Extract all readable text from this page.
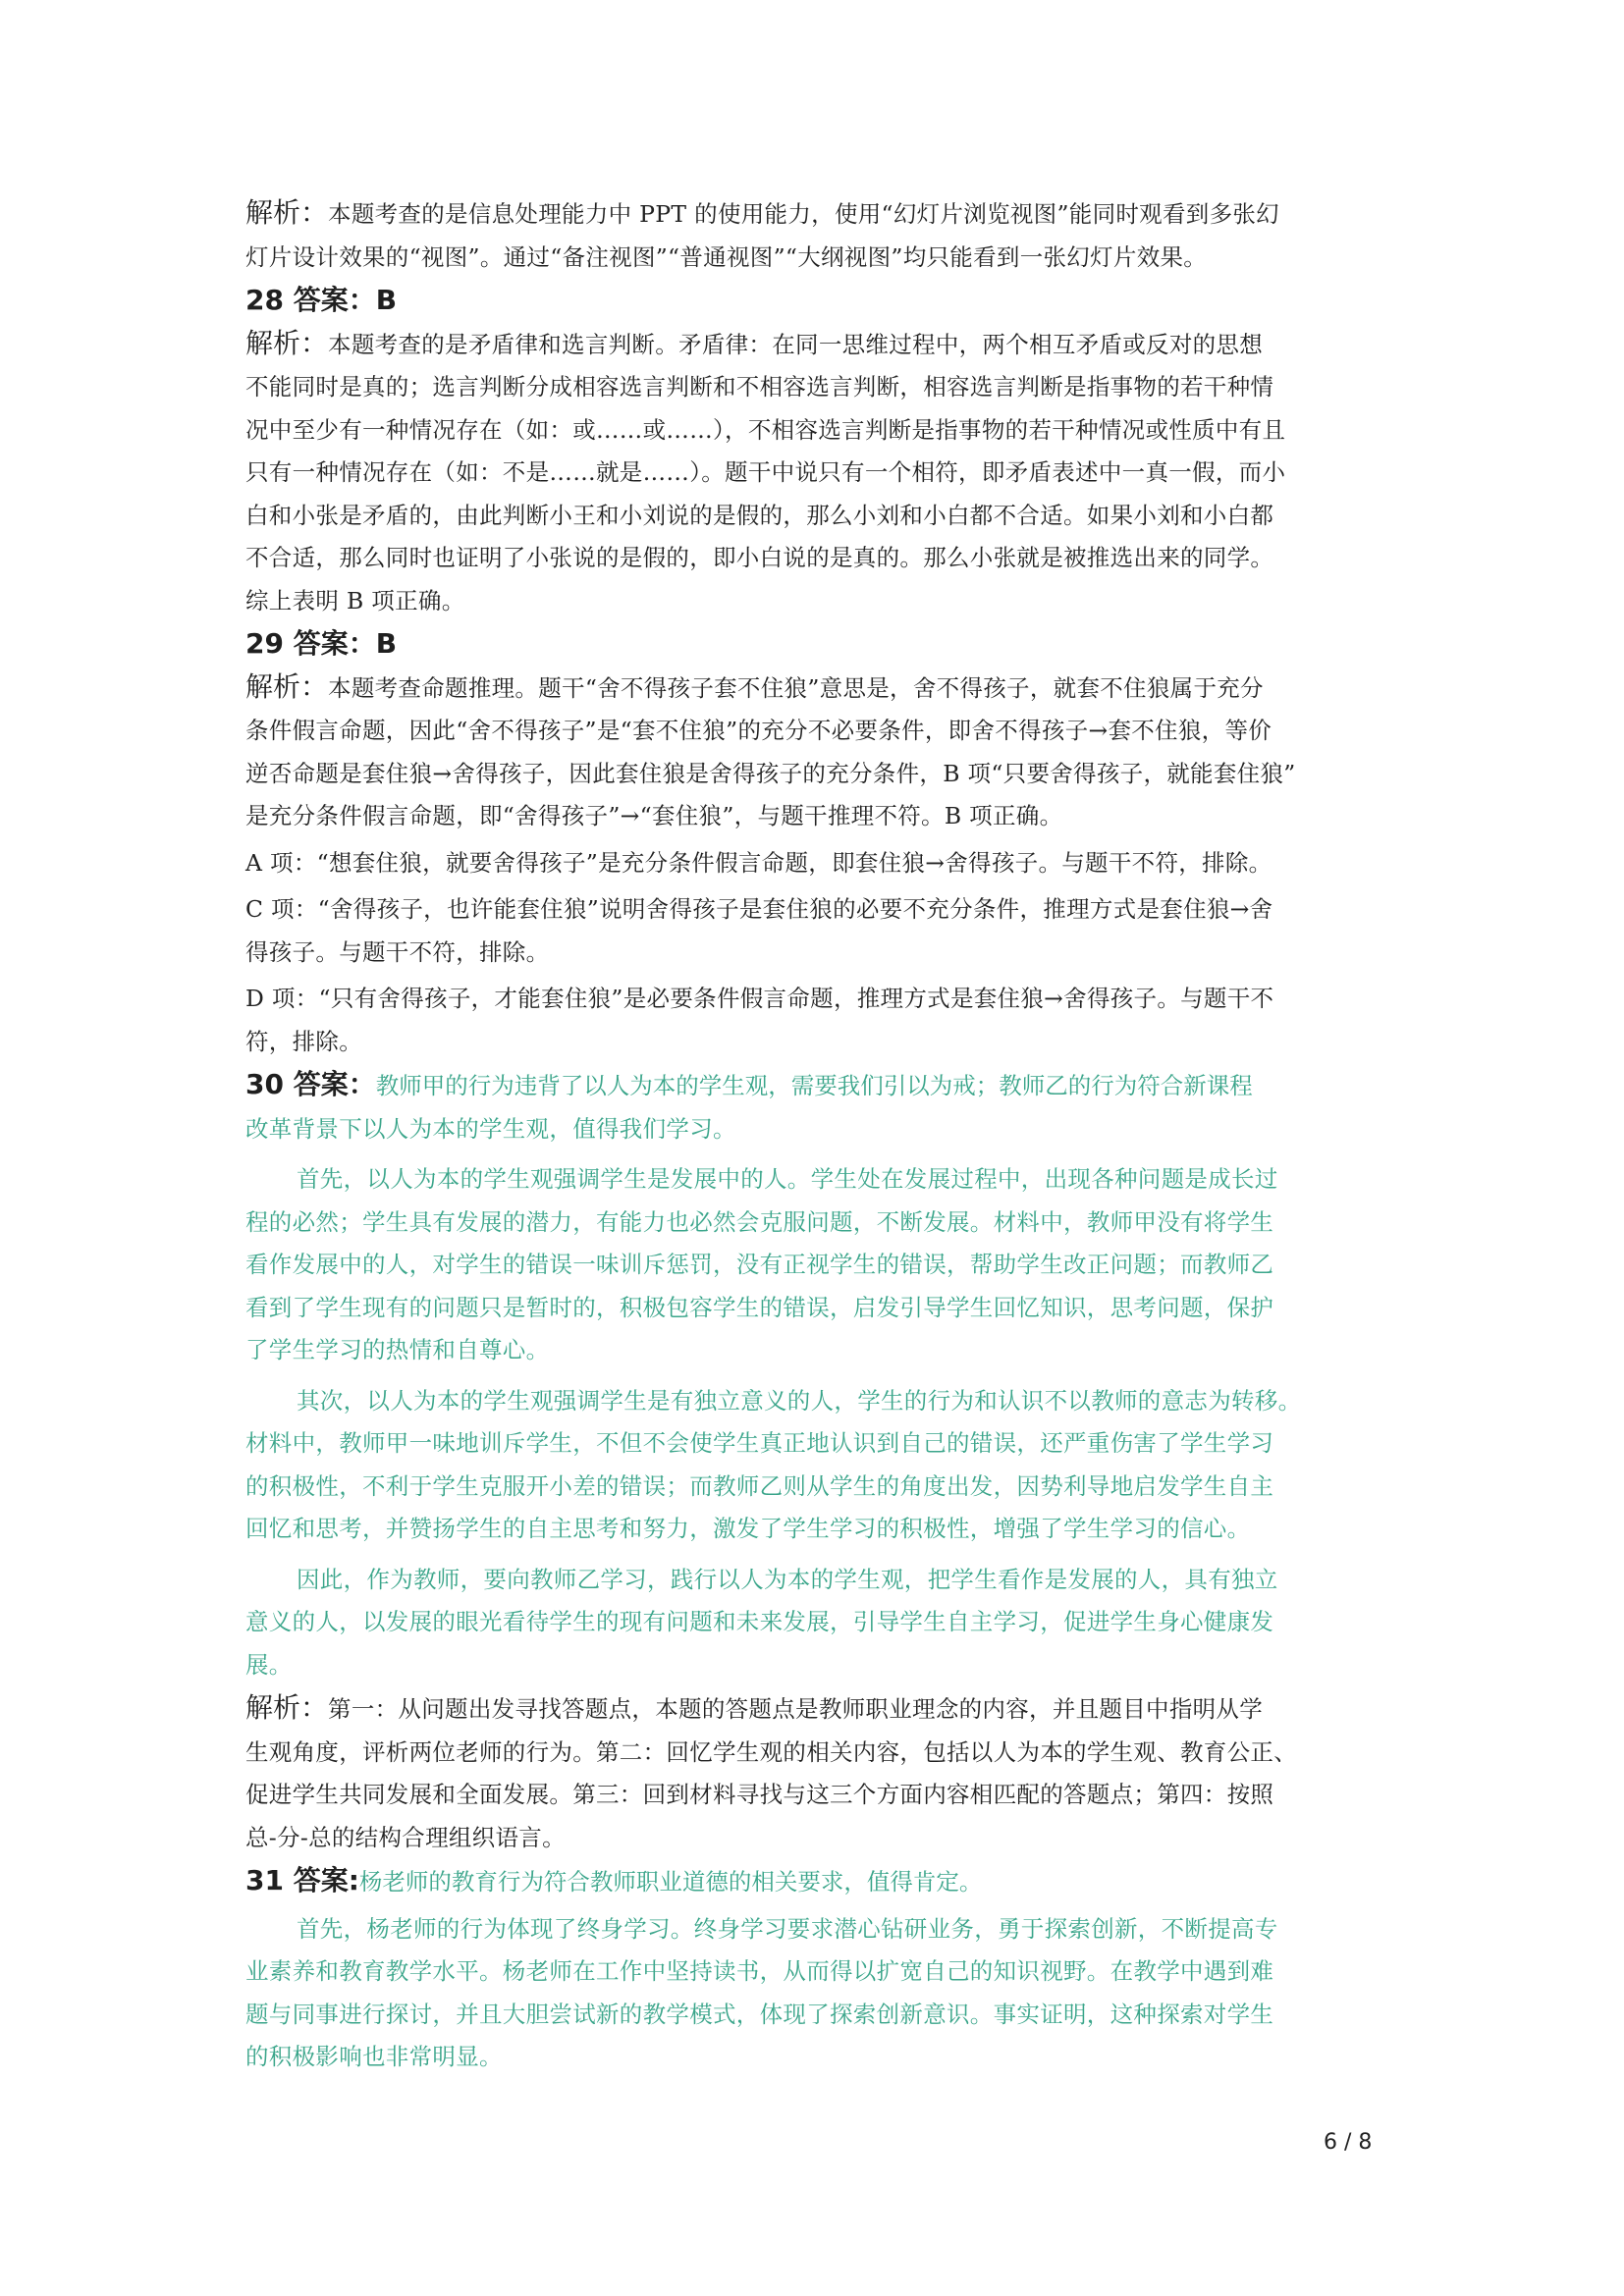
解析：本题考查的是信息处理能力中 PPT 的使用能力，使用“幻灯片浏览视图”能同时观看到多张幻

灯片设计效果的“视图”。通过“备注视图”“普通视图”“大纲视图”均只能看到一张幻灯片效果。

28 答案：B

解析：本题考查的是矛盾律和选言判断。矛盾律：在同一思维过程中，两个相互矛盾或反对的思想

不能同时是真的；选言判断分成相容选言判断和不相容选言判断，相容选言判断是指事物的若干种情

况中至少有一种情况存在（如：或……或……），不相容选言判断是指事物的若干种情况或性质中有且

只有一种情况存在（如：不是……就是……）。题干中说只有一个相符，即矛盾表述中一真一假，而小

白和小张是矛盾的，由此判断小王和小刘说的是假的，那么小刘和小白都不合适。如果小刘和小白都

不合适，那么同时也证明了小张说的是假的，即小白说的是真的。那么小张就是被推选出来的同学。

综上表明 B 项正确。

29 答案：B

解析：本题考查命题推理。题干“舍不得孩子套不住狼”意思是，舍不得孩子，就套不住狼属于充分

条件假言命题，因此“舍不得孩子”是“套不住狼”的充分不必要条件，即舍不得孩子→套不住狼，等价

逆否命题是套住狼→舍得孩子，因此套住狼是舍得孩子的充分条件，B 项“只要舍得孩子，就能套住狼”

是充分条件假言命题，即“舍得孩子”→“套住狼”，与题干推理不符。B 项正确。

A 项：“想套住狼，就要舍得孩子”是充分条件假言命题，即套住狼→舍得孩子。与题干不符，排除。

C 项：“舍得孩子，也许能套住狼”说明舍得孩子是套住狼的必要不充分条件，推理方式是套住狼→舍

得孩子。与题干不符，排除。

D 项：“只有舍得孩子，才能套住狼”是必要条件假言命题，推理方式是套住狼→舍得孩子。与题干不

符，排除。

30 答案：教师甲的行为违背了以人为本的学生观，需要我们引以为戒；教师乙的行为符合新课程

改革背景下以人为本的学生观，值得我们学习。

首先，以人为本的学生观强调学生是发展中的人。学生处在发展过程中，出现各种问题是成长过

程的必然；学生具有发展的潜力，有能力也必然会克服问题，不断发展。材料中，教师甲没有将学生

看作发展中的人，对学生的错误一味训斥惩罚，没有正视学生的错误，帮助学生改正问题；而教师乙

看到了学生现有的问题只是暂时的，积极包容学生的错误，启发引导学生回忆知识，思考问题，保护

了学生学习的热情和自尊心。

其次，以人为本的学生观强调学生是有独立意义的人，学生的行为和认识不以教师的意志为转移。

材料中，教师甲一味地训斥学生，不但不会使学生真正地认识到自己的错误，还严重伤害了学生学习

的积极性，不利于学生克服开小差的错误；而教师乙则从学生的角度出发，因势利导地启发学生自主

回忆和思考，并赞扬学生的自主思考和努力，激发了学生学习的积极性，增强了学生学习的信心。

因此，作为教师，要向教师乙学习，践行以人为本的学生观，把学生看作是发展的人，具有独立

意义的人，以发展的眼光看待学生的现有问题和未来发展，引导学生自主学习，促进学生身心健康发

展。

解析：第一：从问题出发寻找答题点，本题的答题点是教师职业理念的内容，并且题目中指明从学

生观角度，评析两位老师的行为。第二：回忆学生观的相关内容，包括以人为本的学生观、教育公正、

促进学生共同发展和全面发展。第三：回到材料寻找与这三个方面内容相匹配的答题点；第四：按照

总-分-总的结构合理组织语言。

31 答案:杨老师的教育行为符合教师职业道德的相关要求，值得肯定。

首先，杨老师的行为体现了终身学习。终身学习要求潜心钻研业务，勇于探索创新，不断提高专

业素养和教育教学水平。杨老师在工作中坚持读书，从而得以扩宽自己的知识视野。在教学中遇到难

题与同事进行探讨，并且大胆尝试新的教学模式，体现了探索创新意识。事实证明，这种探索对学生

的积极影响也非常明显。

6 / 8
